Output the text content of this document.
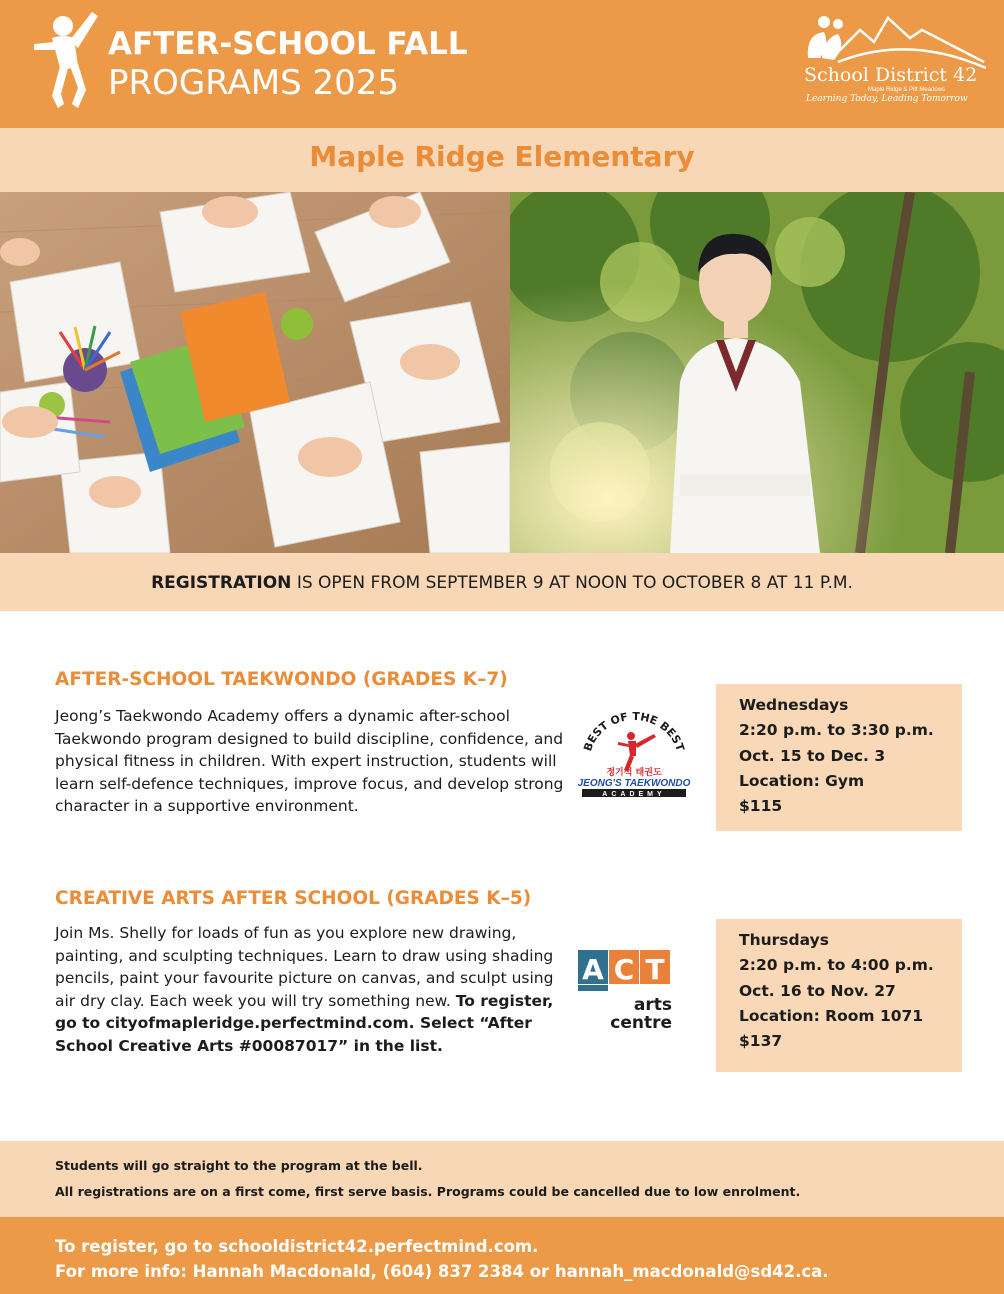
AFTER-SCHOOL FALL
PROGRAMS 2025	School District 42
Maple Ridge & Pitt Meadows
Learning Today, Leading Tomorrow
Maple Ridge Elementary
REGISTRATION IS OPEN FROM SEPTEMBER 9 AT NOON TO OCTOBER 8 AT 11 P.M.
AFTER-SCHOOL TAEKWONDO (GRADES K–7)
Jeong’s Taekwondo Academy offers a dynamic after-school Taekwondo program designed to build discipline, confidence, and physical fitness in children. With expert instruction, students will learn self-defence techniques, improve focus, and develop strong character in a supportive environment.
BEST OF THE BEST
정기석 태권도
JEONG'S TAEKWONDO
ACADEMY
Wednesdays
2:20 p.m. to 3:30 p.m.
Oct. 15 to Dec. 3
Location: Gym
$115
CREATIVE ARTS AFTER SCHOOL (GRADES K–5)
Join Ms. Shelly for loads of fun as you explore new drawing, painting, and sculpting techniques. Learn to draw using shading pencils, paint your favourite picture on canvas, and sculpt using air dry clay. Each week you will try something new. To register, go to cityofmapleridge.perfectmind.com. Select “After School Creative Arts #00087017” in the list.
A C T
arts
centre
Thursdays
2:20 p.m. to 4:00 p.m.
Oct. 16 to Nov. 27
Location: Room 1071
$137
Students will go straight to the program at the bell.
All registrations are on a first come, first serve basis. Programs could be cancelled due to low enrolment.
To register, go to schooldistrict42.perfectmind.com.
For more info: Hannah Macdonald, (604) 837 2384 or hannah_macdonald@sd42.ca.
